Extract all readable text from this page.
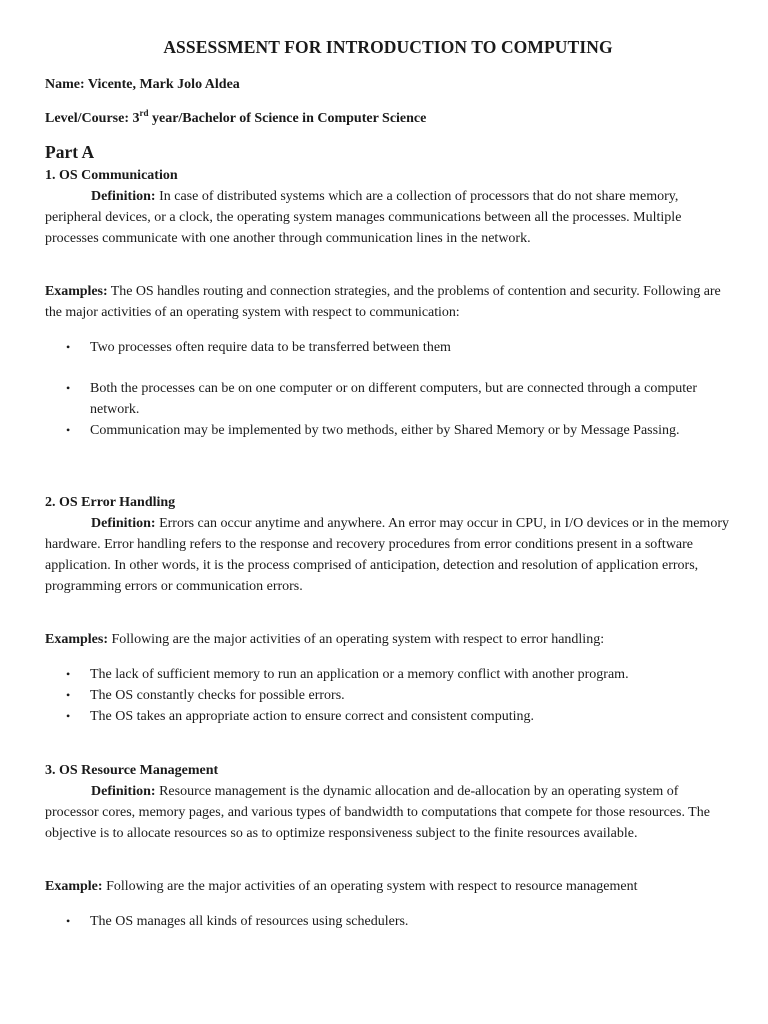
ASSESSMENT FOR INTRODUCTION TO COMPUTING

Name: Vicente, Mark Jolo Aldea

Level/Course: 3rd year/Bachelor of Science in Computer Science

Part A

1. OS Communication

Definition: In case of distributed systems which are a collection of processors that do not share memory, peripheral devices, or a clock, the operating system manages communications between all the processes. Multiple processes communicate with one another through communication lines in the network.

Examples: The OS handles routing and connection strategies, and the problems of contention and security. Following are the major activities of an operating system with respect to communication:

• Two processes often require data to be transferred between them
• Both the processes can be on one computer or on different computers, but are connected through a computer network.
• Communication may be implemented by two methods, either by Shared Memory or by Message Passing.

2. OS Error Handling

Definition: Errors can occur anytime and anywhere. An error may occur in CPU, in I/O devices or in the memory hardware. Error handling refers to the response and recovery procedures from error conditions present in a software application. In other words, it is the process comprised of anticipation, detection and resolution of application errors, programming errors or communication errors.

Examples: Following are the major activities of an operating system with respect to error handling:

• The lack of sufficient memory to run an application or a memory conflict with another program.
• The OS constantly checks for possible errors.
• The OS takes an appropriate action to ensure correct and consistent computing.

3. OS Resource Management

Definition: Resource management is the dynamic allocation and de-allocation by an operating system of processor cores, memory pages, and various types of bandwidth to computations that compete for those resources. The objective is to allocate resources so as to optimize responsiveness subject to the finite resources available.

Example: Following are the major activities of an operating system with respect to resource management

• The OS manages all kinds of resources using schedulers.
